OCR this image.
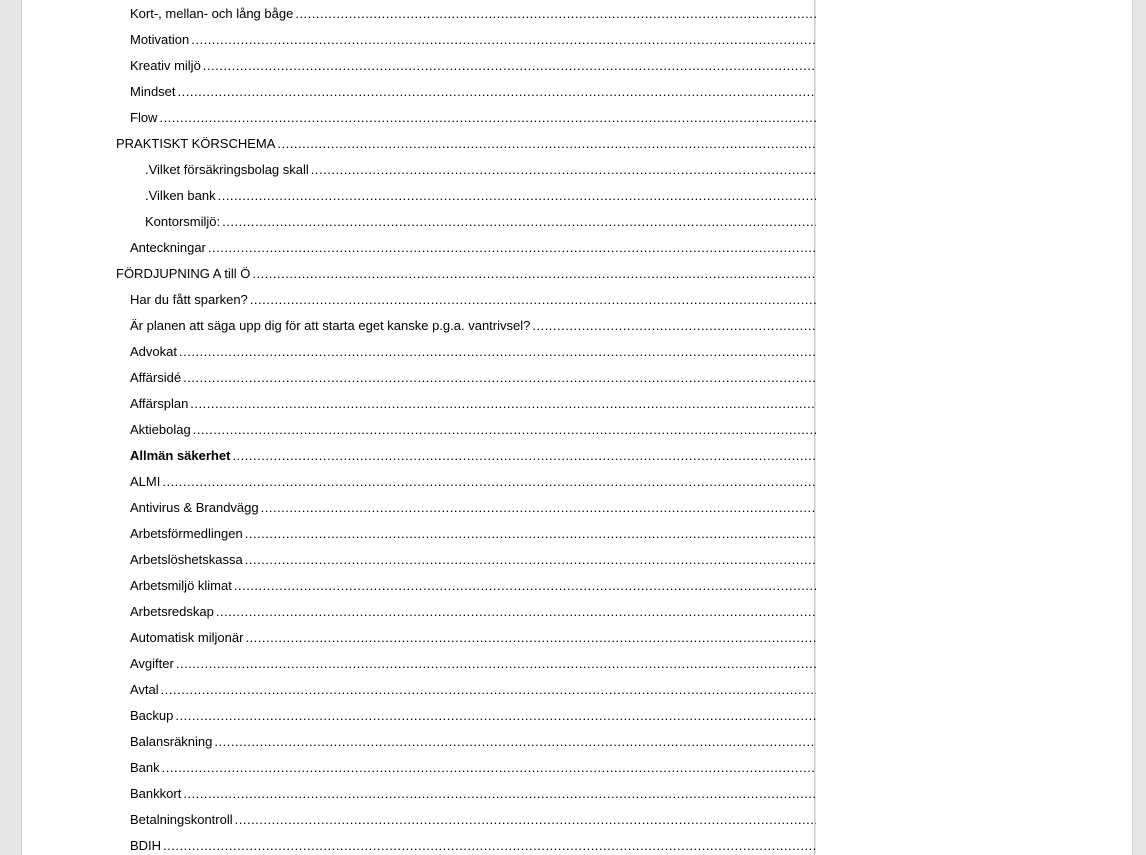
Kort-, mellan- och lång båge
.....
Motivation
.....
Kreativ miljö
.....
Mindset
.....
Flow
.....
PRAKTISKT KÖRSCHEMA
.....
.Vilket försäkringsbolag skall
.....
.Vilken bank
.....
Kontorsmiljö:
.....
Anteckningar
.....
FÖRDJUPNING A till Ö
.....
Har du fått sparken?
.....
Är planen att säga upp dig för att starta eget kanske p.g.a. vantrivsel?
.....
Advokat
.....
Affärsidé
.....
Affärsplan
.....
Aktiebolag
.....
Allmän säkerhet
.....
ALMI
.....
Antivirus & Brandvägg
.....
Arbetsförmedlingen
.....
Arbetslöshetskassa
.....
Arbetsmiljö klimat
.....
Arbetsredskap
.....
Automatisk miljonär
.....
Avgifter
.....
Avtal
.....
Backup
.....
Balansräkning
.....
Bank
.....
Bankkort
.....
Betalningskontroll
.....
BDIH
.....
